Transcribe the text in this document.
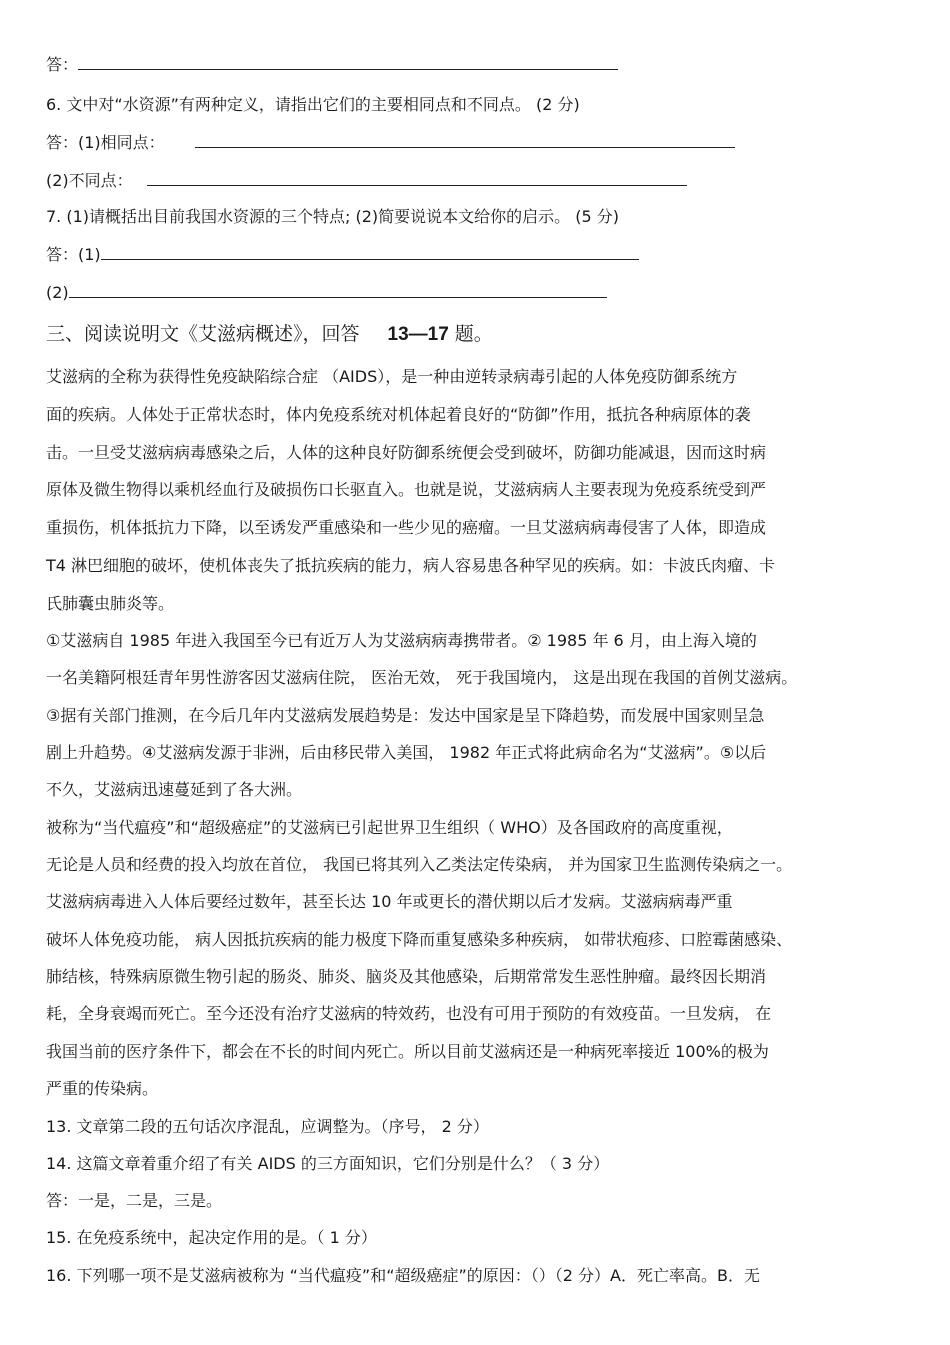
答：
6. 文中对“水资源”有两种定义，请指出它们的主要相同点和不同点。 (2 分)
答：(1)相同点：
(2)不同点：
7. (1)请概括出目前我国水资源的三个特点; (2)简要说说本文给你的启示。 (5 分)
答：(1)
(2)
三、阅读说明文《艾滋病概述》，回答 13—17 题。
艾滋病的全称为获得性免疫缺陷综合症 （AIDS），是一种由逆转录病毒引起的人体免疫防御系统方
面的疾病。人体处于正常状态时，体内免疫系统对机体起着良好的“防御”作用，抵抗各种病原体的袭
击。一旦受艾滋病病毒感染之后，人体的这种良好防御系统便会受到破坏，防御功能减退，因而这时病
原体及微生物得以乘机经血行及破损伤口长驱直入。也就是说，艾滋病病人主要表现为免疫系统受到严
重损伤，机体抵抗力下降，以至诱发严重感染和一些少见的癌瘤。一旦艾滋病病毒侵害了人体，即造成
T4 淋巴细胞的破坏，使机体丧失了抵抗疾病的能力，病人容易患各种罕见的疾病。如：卡波氏肉瘤、卡
氏肺囊虫肺炎等。
①艾滋病自 1985 年进入我国至今已有近万人为艾滋病病毒携带者。② 1985 年 6 月，由上海入境的
一名美籍阿根廷青年男性游客因艾滋病住院， 医治无效， 死于我国境内， 这是出现在我国的首例艾滋病。
③据有关部门推测，在今后几年内艾滋病发展趋势是：发达中国家是呈下降趋势，而发展中国家则呈急
剧上升趋势。④艾滋病发源于非洲，后由移民带入美国， 1982 年正式将此病命名为“艾滋病”。⑤以后
不久，艾滋病迅速蔓延到了各大洲。
被称为“当代瘟疫”和“超级癌症”的艾滋病已引起世界卫生组织（ WHO）及各国政府的高度重视，
无论是人员和经费的投入均放在首位， 我国已将其列入乙类法定传染病， 并为国家卫生监测传染病之一。
艾滋病病毒进入人体后要经过数年，甚至长达 10 年或更长的潜伏期以后才发病。艾滋病病毒严重
破坏人体免疫功能， 病人因抵抗疾病的能力极度下降而重复感染多种疾病， 如带状疱疹、口腔霉菌感染、
肺结核，特殊病原微生物引起的肠炎、肺炎、脑炎及其他感染，后期常常发生恶性肿瘤。最终因长期消
耗，全身衰竭而死亡。至今还没有治疗艾滋病的特效药，也没有可用于预防的有效疫苗。一旦发病， 在
我国当前的医疗条件下，都会在不长的时间内死亡。所以目前艾滋病还是一种病死率接近 100%的极为
严重的传染病。
13. 文章第二段的五句话次序混乱，应调整为。（序号， 2 分）
14. 这篇文章着重介绍了有关 AIDS 的三方面知识，它们分别是什么？（ 3 分）
答：一是，二是，三是。
15. 在免疫系统中，起决定作用的是。（ 1 分）
16. 下列哪一项不是艾滋病被称为 “当代瘟疫”和“超级癌症”的原因：（）（2 分）A．死亡率高。B．无
